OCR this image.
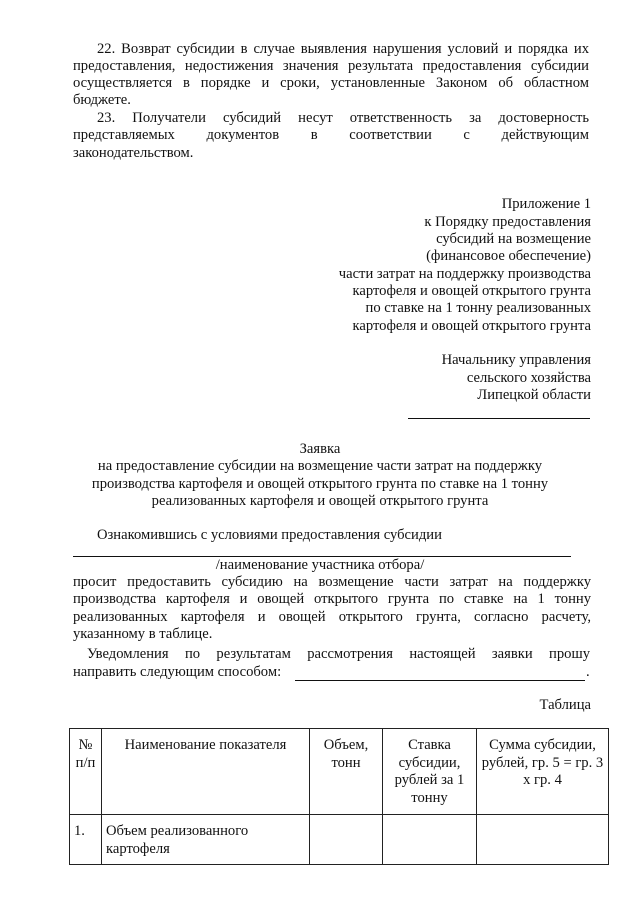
22. Возврат субсидии в случае выявления нарушения условий и порядка их
предоставления, недостижения значения результата предоставления субсидии
осуществляется в порядке и сроки, установленные Законом об областном
бюджете.
23. Получатели субсидий несут ответственность за достоверность
представляемых документов в соответствии с действующим
законодательством.
Приложение 1
к Порядку предоставления
субсидий на возмещение
(финансовое обеспечение)
части затрат на поддержку производства
картофеля и овощей открытого грунта
по ставке на 1 тонну реализованных
картофеля и овощей открытого грунта
Начальнику управления
сельского хозяйства
Липецкой области
Заявка
на предоставление субсидии на возмещение части затрат на поддержку
производства картофеля и овощей открытого грунта по ставке на 1 тонну
реализованных картофеля и овощей открытого грунта
Ознакомившись с условиями предоставления субсидии
/наименование участника отбора/
просит предоставить субсидию на возмещение части затрат на поддержку
производства картофеля и овощей открытого грунта по ставке на 1 тонну
реализованных картофеля и овощей открытого грунта, согласно расчету,
указанному в таблице.
Уведомления по результатам рассмотрения настоящей заявки прошу
направить следующим способом:	.
Таблица
№ п/п	Наименование показателя	Объем, тонн	Ставка субсидии, рублей за 1 тонну	Сумма субсидии, рублей, гр. 5 = гр. 3 х гр. 4
1.	Объем реализованного картофеля			
